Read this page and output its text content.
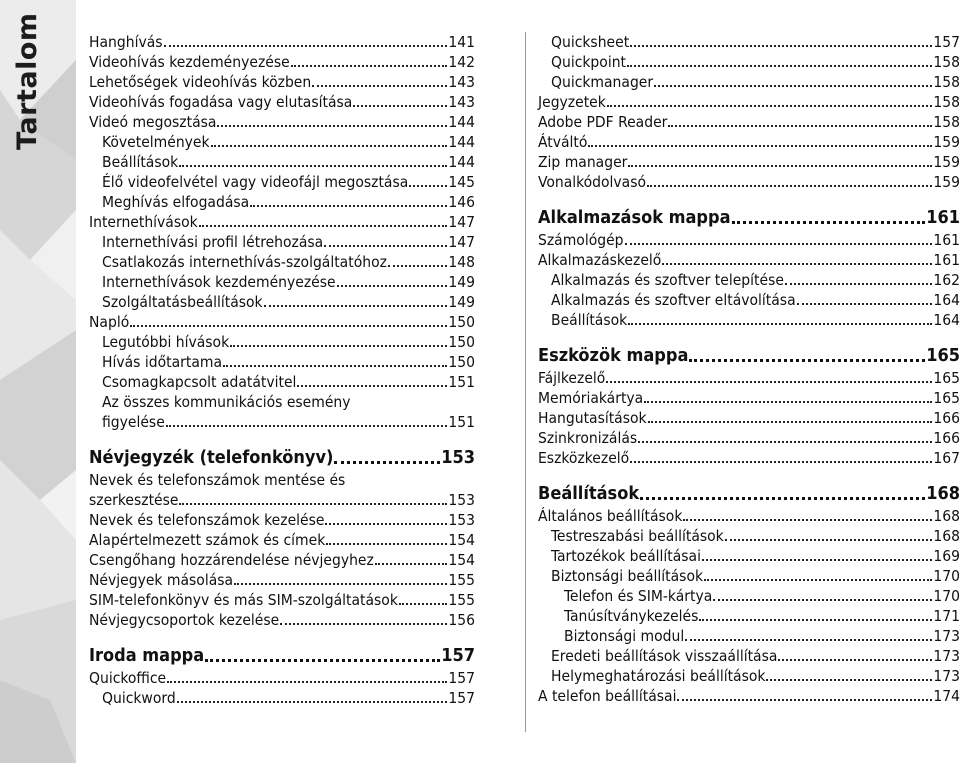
Tartalom	Hanghívás	141
Videohívás kezdeményezése	142
Lehetőségek videohívás közben	143
Videohívás fogadása vagy elutasítása	143
Videó megosztása	144
Követelmények	144
Beállítások	144
Élő videofelvétel vagy videofájl megosztása	145
Meghívás elfogadása	146
Internethívások	147
Internethívási profil létrehozása	147
Csatlakozás internethívás-szolgáltatóhoz	148
Internethívások kezdeményezése	149
Szolgáltatásbeállítások	149
Napló	150
Legutóbbi hívások	150
Hívás időtartama	150
Csomagkapcsolt adatátvitel	151
Az összes kommunikációs esemény
figyelése	151
Névjegyzék (telefonkönyv)	153
Nevek és telefonszámok mentése és
szerkesztése	153
Nevek és telefonszámok kezelése	153
Alapértelmezett számok és címek	154
Csengőhang hozzárendelése névjegyhez	154
Névjegyek másolása	155
SIM-telefonkönyv és más SIM-szolgáltatások	155
Névjegycsoportok kezelése	156
Iroda mappa	157
Quickoffice	157
Quickword	157
Quicksheet	157
Quickpoint	158
Quickmanager	158
Jegyzetek	158
Adobe PDF Reader	158
Átváltó	159
Zip manager	159
Vonalkódolvasó	159
Alkalmazások mappa	161
Számológép	161
Alkalmazáskezelő	161
Alkalmazás és szoftver telepítése	162
Alkalmazás és szoftver eltávolítása	164
Beállítások	164
Eszközök mappa	165
Fájlkezelő	165
Memóriakártya	165
Hangutasítások	166
Szinkronizálás	166
Eszközkezelő	167
Beállítások	168
Általános beállítások	168
Testreszabási beállítások	168
Tartozékok beállításai	169
Biztonsági beállítások	170
Telefon és SIM-kártya	170
Tanúsítványkezelés	171
Biztonsági modul	173
Eredeti beállítások visszaállítása	173
Helymeghatározási beállítások	173
A telefon beállításai	174
